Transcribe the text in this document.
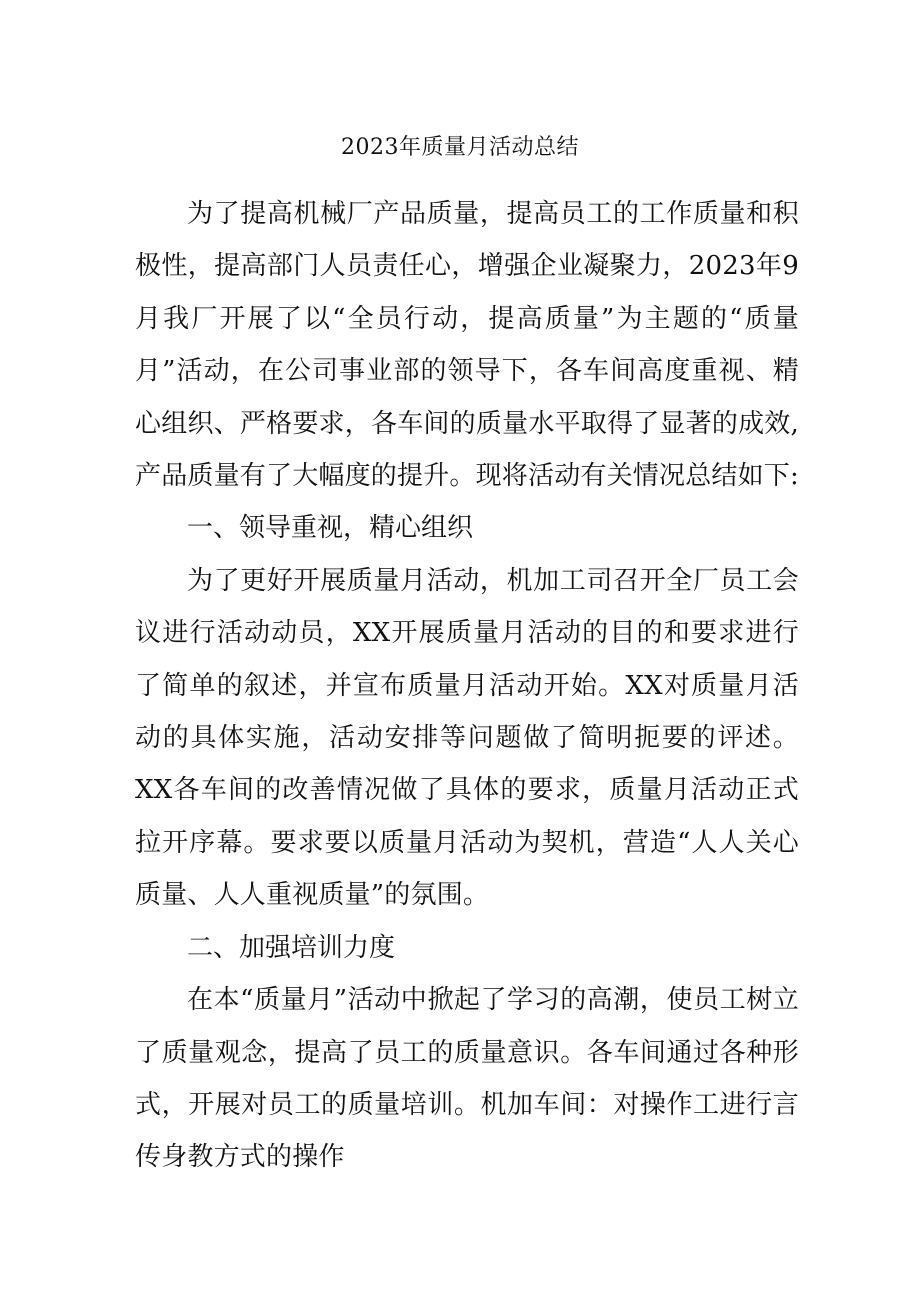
2023年质量月活动总结

为了提高机械厂产品质量，提高员工的工作质量和积极性，提高部门人员责任心，增强企业凝聚力，2023年9月我厂开展了以“全员行动，提高质量”为主题的“质量月”活动，在公司事业部的领导下，各车间高度重视、精心组织、严格要求，各车间的质量水平取得了显著的成效,产品质量有了大幅度的提升。现将活动有关情况总结如下:

一、领导重视，精心组织

为了更好开展质量月活动，机加工司召开全厂员工会议进行活动动员，XX开展质量月活动的目的和要求进行了简单的叙述，并宣布质量月活动开始。XX对质量月活动的具体实施，活动安排等问题做了简明扼要的评述。XX各车间的改善情况做了具体的要求，质量月活动正式拉开序幕。要求要以质量月活动为契机，营造“人人关心质量、人人重视质量”的氛围。

二、加强培训力度

在本“质量月”活动中掀起了学习的高潮，使员工树立了质量观念，提高了员工的质量意识。各车间通过各种形式，开展对员工的质量培训。机加车间：对操作工进行言传身教方式的操作
